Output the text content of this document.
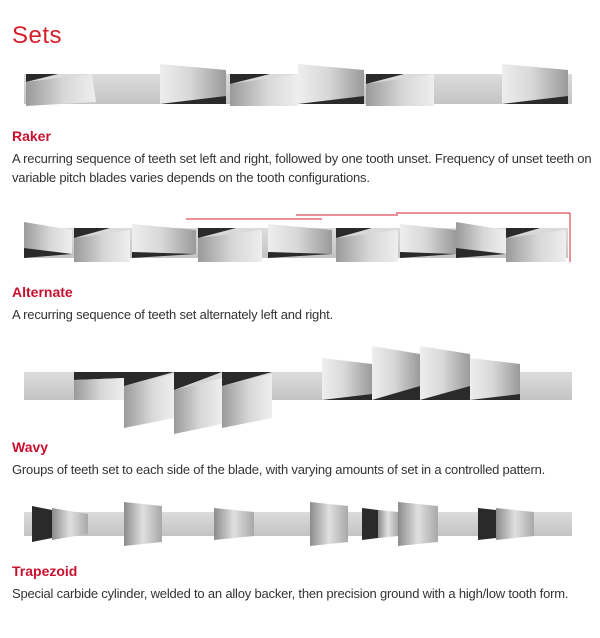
Sets

Raker

A recurring sequence of teeth set left and right, followed by one tooth unset. Frequency of unset teeth on variable pitch blades varies depends on the tooth configurations.

Alternate

A recurring sequence of teeth set alternately left and right.

Wavy

Groups of teeth set to each side of the blade, with varying amounts of set in a controlled pattern.

Trapezoid

Special carbide cylinder, welded to an alloy backer, then precision ground with a high/low tooth form.
